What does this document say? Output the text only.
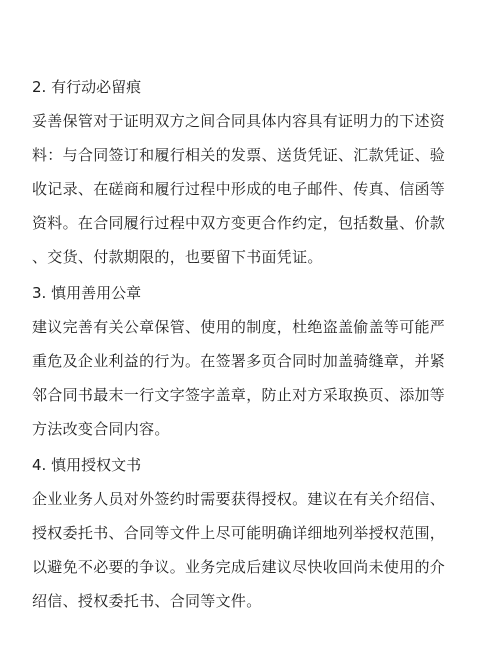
2. 有行动必留痕
妥善保管对于证明双方之间合同具体内容具有证明力的下述资
料：与合同签订和履行相关的发票、送货凭证、汇款凭证、验
收记录、在磋商和履行过程中形成的电子邮件、传真、信函等
资料。在合同履行过程中双方变更合作约定，包括数量、价款
、交货、付款期限的，也要留下书面凭证。
3. 慎用善用公章
建议完善有关公章保管、使用的制度，杜绝盗盖偷盖等可能严
重危及企业利益的行为。在签署多页合同时加盖骑缝章，并紧
邻合同书最末一行文字签字盖章，防止对方采取换页、添加等
方法改变合同内容。
4. 慎用授权文书
企业业务人员对外签约时需要获得授权。建议在有关介绍信、
授权委托书、合同等文件上尽可能明确详细地列举授权范围，
以避免不必要的争议。业务完成后建议尽快收回尚未使用的介
绍信、授权委托书、合同等文件。
